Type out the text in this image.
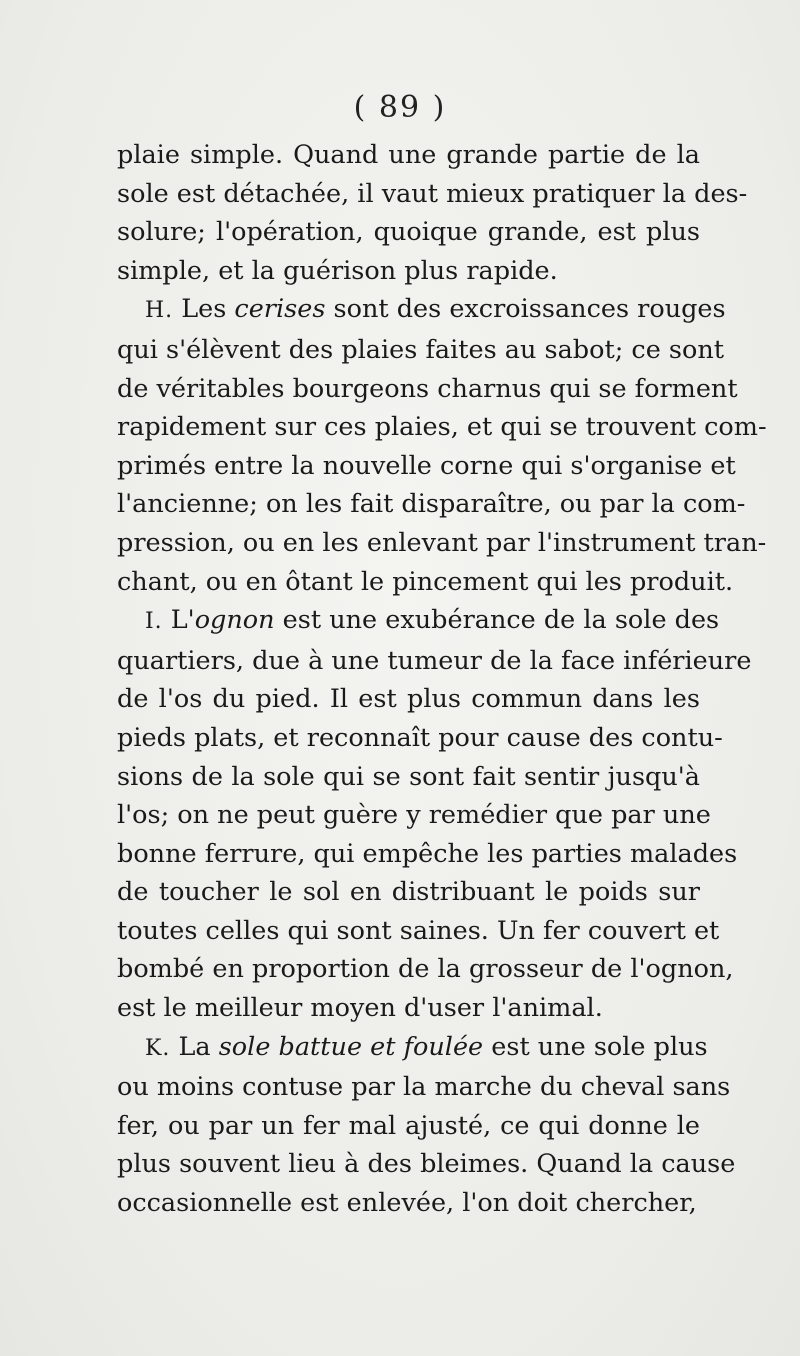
( 89 )
plaie simple. Quand une grande partie de la
sole est détachée, il vaut mieux pratiquer la des-
solure; l'opération, quoique grande, est plus
simple, et la guérison plus rapide.
H. Les cerises sont des excroissances rouges
qui s'élèvent des plaies faites au sabot; ce sont
de véritables bourgeons charnus qui se forment
rapidement sur ces plaies, et qui se trouvent com-
primés entre la nouvelle corne qui s'organise et
l'ancienne; on les fait disparaître, ou par la com-
pression, ou en les enlevant par l'instrument tran-
chant, ou en ôtant le pincement qui les produit.
I. L'ognon est une exubérance de la sole des
quartiers, due à une tumeur de la face inférieure
de l'os du pied. Il est plus commun dans les
pieds plats, et reconnaît pour cause des contu-
sions de la sole qui se sont fait sentir jusqu'à
l'os; on ne peut guère y remédier que par une
bonne ferrure, qui empêche les parties malades
de toucher le sol en distribuant le poids sur
toutes celles qui sont saines. Un fer couvert et
bombé en proportion de la grosseur de l'ognon,
est le meilleur moyen d'user l'animal.
K. La sole battue et foulée est une sole plus
ou moins contuse par la marche du cheval sans
fer, ou par un fer mal ajusté, ce qui donne le
plus souvent lieu à des bleimes. Quand la cause
occasionnelle est enlevée, l'on doit chercher,
